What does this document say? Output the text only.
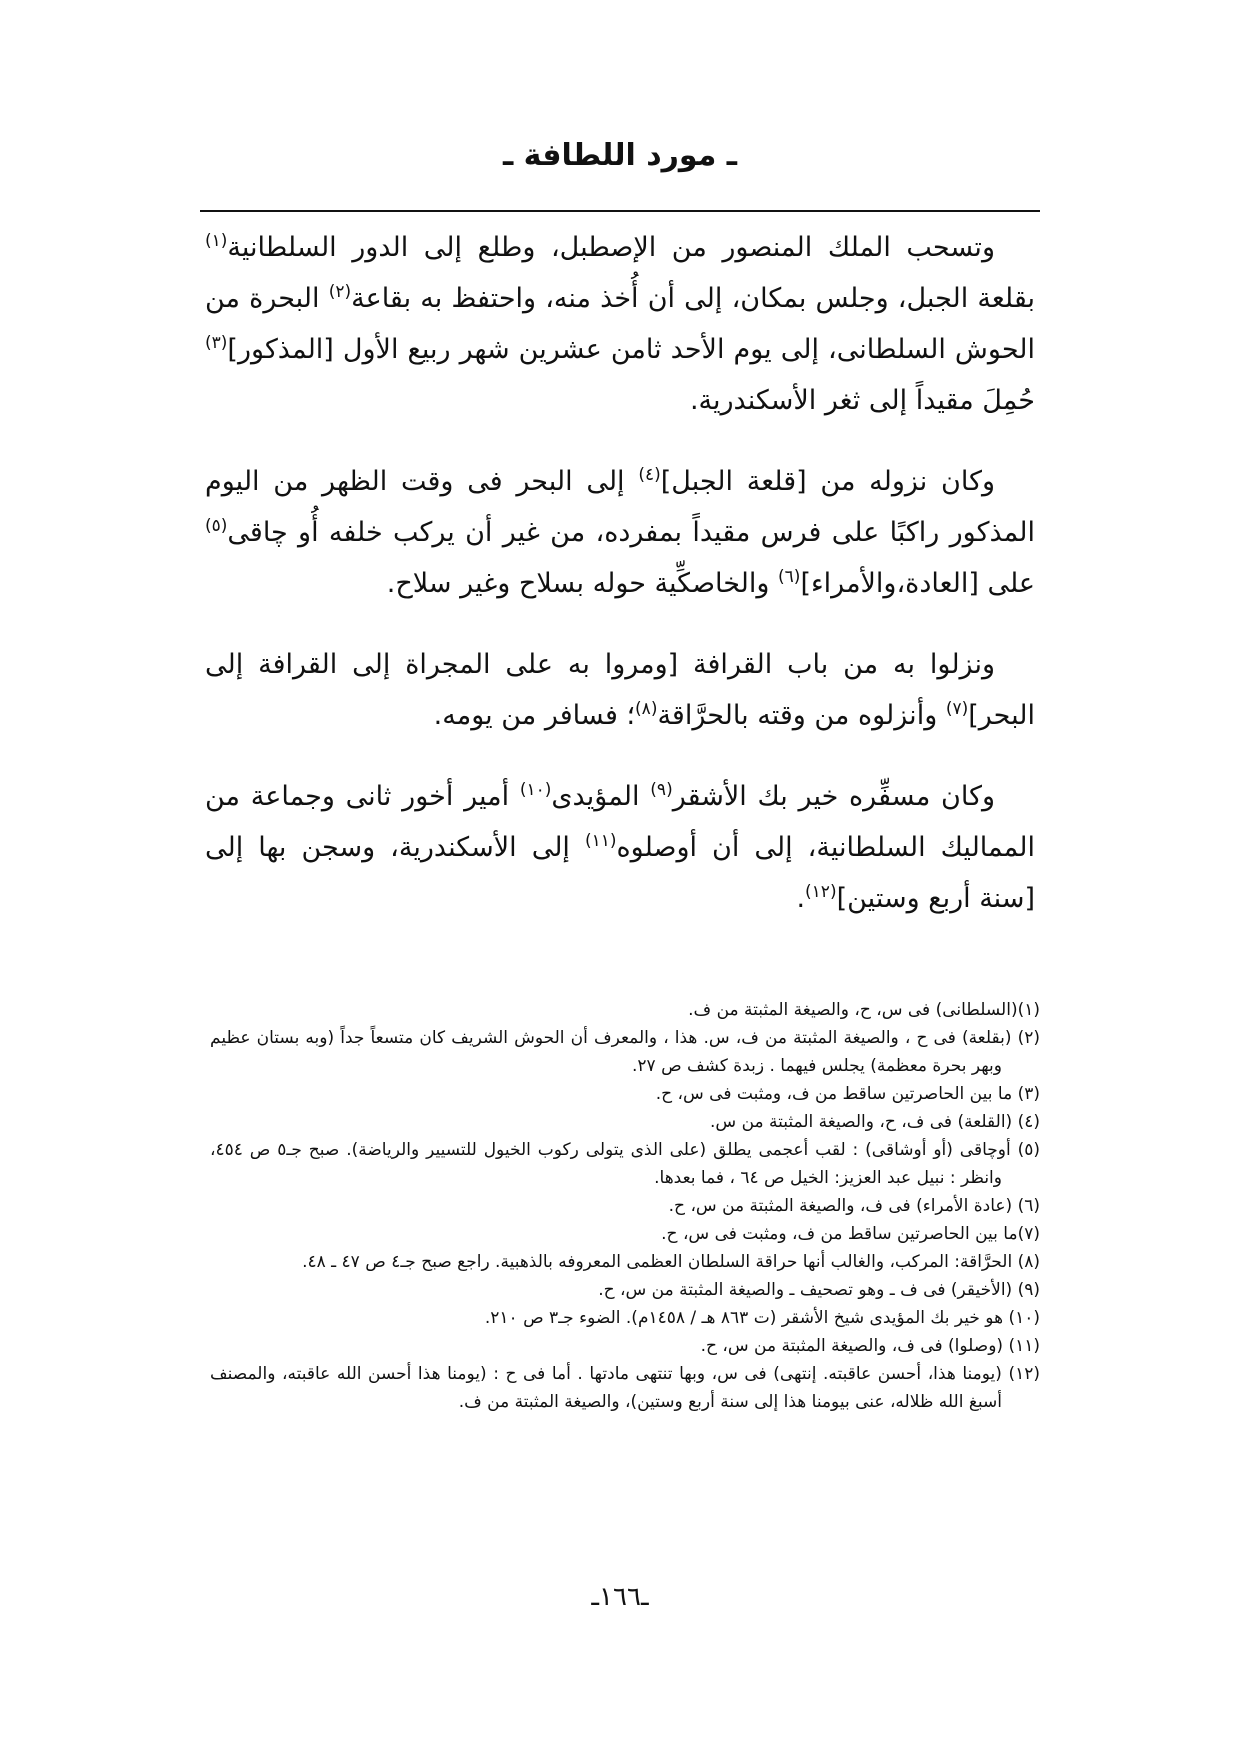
ـ مورد اللطافة ـ

وتسحب الملك المنصور من الإصطبل، وطلع إلى الدور السلطانية$^{(١)}$ بقلعة الجبل، وجلس بمكان، إلى أن أُخذ منه، واحتفظ به بقاعة$^{(٢)}$ البحرة من الحوش السلطانى، إلى يوم الأحد ثامن عشرين شهر ربيع الأول [المذكور]$^{(٣)}$ حُمِلَ مقيداً إلى ثغر الأسكندرية.

وكان نزوله من [قلعة الجبل]$^{(٤)}$ إلى البحر فى وقت الظهر من اليوم المذكور راكبًا على فرس مقيداً بمفرده، من غير أن يركب خلفه أُو چاقى$^{(٥)}$ على [العادة،والأمراء]$^{(٦)}$ والخاصكِّية حوله بسلاح وغير سلاح.

ونزلوا به من باب القرافة [ومروا به على المجراة إلى القرافة إلى البحر]$^{(٧)}$ وأنزلوه من وقته بالحرَّاقة$^{(٨)}$؛ فسافر من يومه.

وكان مسفِّره خير بك الأشقر$^{(٩)}$ المؤيدى$^{(١٠)}$ أمير أخور ثانى وجماعة من المماليك السلطانية، إلى أن أوصلوه$^{(١١)}$ إلى الأسكندرية، وسجن بها إلى [سنة أربع وستين]$^{(١٢)}$.

(١)(السلطانى) فى س، ح، والصيغة المثبتة من ف.

(٢) (بقلعة) فى ح ، والصيغة المثبتة من ف، س. هذا ، والمعرف أن الحوش الشريف كان متسعاً جداً (وبه بستان عظيم وبهر بحرة معظمة) يجلس فيهما . زبدة كشف ص ٢٧.

(٣) ما بين الحاصرتين ساقط من ف، ومثبت فى س، ح.

(٤) (القلعة) فى ف، ح، والصيغة المثبتة من س.

(٥) أوچاقى (أو أوشاقى) : لقب أعجمى يطلق (على الذى يتولى ركوب الخيول للتسيير والرياضة). صبح جـ٥ ص ٤٥٤، وانظر : نبيل عبد العزيز: الخيل ص ٦٤ ، فما بعدها.

(٦) (عادة الأمراء) فى ف، والصيغة المثبتة من س، ح.

(٧)ما بين الحاصرتين ساقط من ف، ومثبت فى س، ح.

(٨) الحرَّاقة: المركب، والغالب أنها حراقة السلطان العظمى المعروفه بالذهبية. راجع صبح جـ٤ ص ٤٧ ـ ٤٨.

(٩) (الأخيقر) فى ف ـ وهو تصحيف ـ والصيغة المثبتة من س، ح.

(١٠) هو خير بك المؤيدى شيخ الأشقر (ت ٨٦٣ هـ / ١٤٥٨م). الضوء جـ٣ ص ٢١٠.

(١١) (وصلوا) فى ف، والصيغة المثبتة من س، ح.

(١٢) (يومنا هذا، أحسن عاقبته. إنتهى) فى س، وبها تنتهى مادتها . أما فى ح : (يومنا هذا أحسن الله عاقبته، والمصنف أسبغ الله ظلاله، عنى بيومنا هذا إلى سنة أربع وستين)، والصيغة المثبتة من ف.

ـ١٦٦ـ
